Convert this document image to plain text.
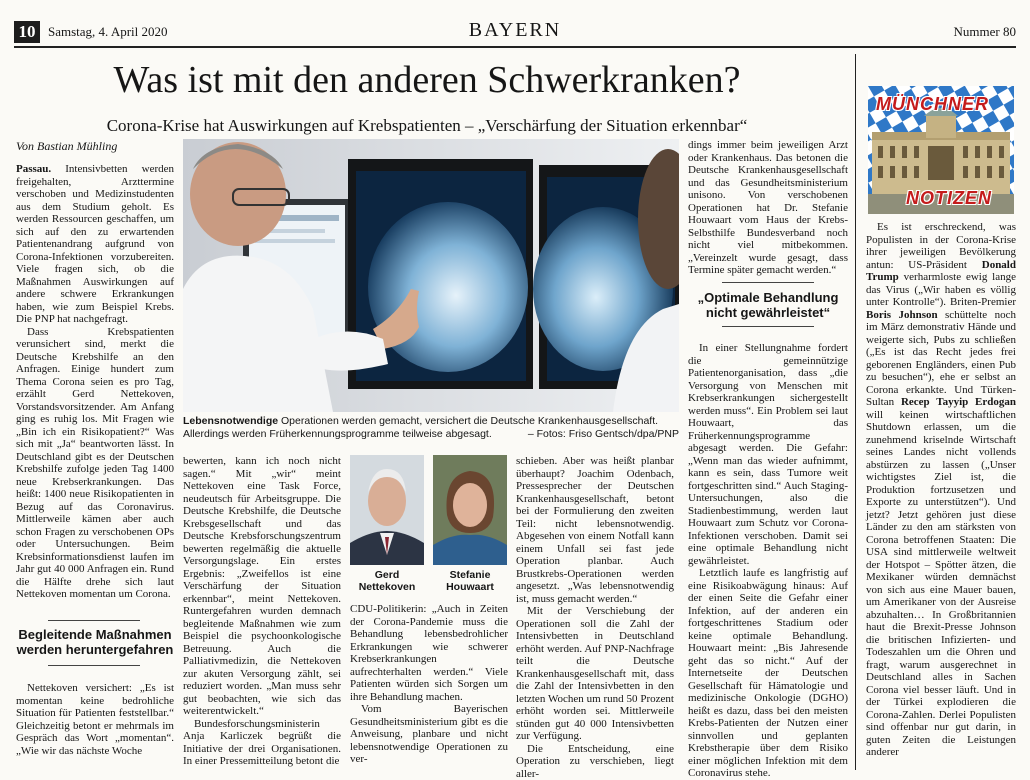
10 Samstag, 4. April 2020	BAYERN	Nummer 80
Was ist mit den anderen Schwerkranken?
Corona-Krise hat Auswirkungen auf Krebspatienten – „Verschärfung der Situation erkennbar“
Von Bastian Mühling

Passau. Intensivbetten werden freigehalten, Arzttermine verschoben und Medizinstudenten aus dem Studium geholt. Es werden Ressourcen geschaffen, um sich auf den zu erwartenden Patientenandrang aufgrund von Corona-Infektionen vorzubereiten. Viele fragen sich, ob die Maßnahmen Auswirkungen auf andere schwere Erkrankungen haben, wie zum Beispiel Krebs. Die PNP hat nachgefragt.

Dass Krebspatienten verunsichert sind, merkt die Deutsche Krebshilfe an den Anfragen. Einige hundert zum Thema Corona seien es pro Tag, erzählt Gerd Nettekoven, Vorstandsvorsitzender. Am Anfang ging es ruhig los. Mit Fragen wie „Bin ich ein Risikopatient?“ Was sich mit „Ja“ beantworten lässt. In Deutschland gibt es der Deutschen Krebshilfe zufolge jeden Tag 1400 neue Krebserkrankungen. Das heißt: 1400 neue Risikopatienten in Bezug auf das Coronavirus. Mittlerweile kämen aber auch schon Fragen zu verschobenen OPs oder Untersuchungen. Beim Krebsinformationsdienst laufen im Jahr gut 40 000 Anfragen ein. Rund die Hälfte drehe sich laut Nettekoven momentan um Corona.

Begleitende Maßnahmen werden heruntergefahren

Nettekoven versichert: „Es ist momentan keine bedrohliche Situation für Patienten feststellbar.“ Gleichzeitig betont er mehrmals im Gespräch das Wort „momentan“. „Wie wir das nächste Woche

Lebensnotwendige Operationen werden gemacht, versichert die Deutsche Krankenhausgesellschaft. Allerdings werden Früherkennungsprogramme teilweise abgesagt.	– Fotos: Friso Gentsch/dpa/PNP

bewerten, kann ich noch nicht sagen.“ Mit „wir“ meint Nettekoven eine Task Force, neudeutsch für Arbeitsgruppe. Die Deutsche Krebshilfe, die Deutsche Krebsgesellschaft und das Deutsche Krebsforschungszentrum bewerten regelmäßig die aktuelle Versorgungslage. Ein erstes Ergebnis: „Zweifellos ist eine Verschärfung der Situation erkennbar“, meint Nettekoven. Runtergefahren wurden demnach begleitende Maßnahmen wie zum Beispiel die psychoonkologische Betreuung. Auch die Palliativmedizin, die Nettekoven zur akuten Versorgung zählt, sei reduziert worden. „Man muss sehr gut beobachten, wie sich das weiterentwickelt.“

Bundesforschungsministerin Anja Karliczek begrüßt die Initiative der drei Organisationen. In einer Pressemitteilung betont die

Gerd Nettekoven
Stefanie Houwaart

CDU-Politikerin: „Auch in Zeiten der Corona-Pandemie muss die Behandlung lebensbedrohlicher Erkrankungen wie schwerer Krebserkrankungen aufrechterhalten werden.“ Viele Patienten würden sich Sorgen um ihre Behandlung machen.

Vom Bayerischen Gesundheitsministerium gibt es die Anweisung, planbare und nicht lebensnotwendige Operationen zu ver-

schieben. Aber was heißt planbar überhaupt? Joachim Odenbach, Pressesprecher der Deutschen Krankenhausgesellschaft, betont bei der Formulierung den zweiten Teil: nicht lebensnotwendig. Abgesehen von einem Notfall kann einem Unfall sei fast jede Operation planbar. Auch Brustkrebs-Operationen werden angesetzt. „Was lebensnotwendig ist, muss gemacht werden.“

Mit der Verschiebung der Operationen soll die Zahl der Intensivbetten in Deutschland erhöht werden. Auf PNP-Nachfrage teilt die Deutsche Krankenhausgesellschaft mit, dass die Zahl der Intensivbetten in den letzten Wochen um rund 50 Prozent erhöht worden sei. Mittlerweile stünden gut 40 000 Intensivbetten zur Verfügung.

Die Entscheidung, eine Operation zu verschieben, liegt aller-

dings immer beim jeweiligen Arzt oder Krankenhaus. Das betonen die Deutsche Krankenhausgesellschaft und das Gesundheitsministerium unisono. Von verschobenen Operationen hat Dr. Stefanie Houwaart vom Haus der Krebs-Selbsthilfe Bundesverband noch nicht viel mitbekommen. „Vereinzelt wurde gesagt, dass Termine später gemacht werden.“

„Optimale Behandlung nicht gewährleistet“

In einer Stellungnahme fordert die gemeinnützige Patientenorganisation, dass „die Versorgung von Menschen mit Krebserkrankungen sichergestellt werden muss“. Ein Problem sei laut Houwaart, das Früherkennungsprogramme abgesagt werden. Die Gefahr: „Wenn man das wieder aufnimmt, kann es sein, dass Tumore weit fortgeschritten sind.“ Auch Staging-Untersuchungen, also die Stadienbestimmung, werden laut Houwaart zum Schutz vor Corona-Infektionen verschoben. Damit sei eine optimale Behandlung nicht gewährleistet.

Letztlich laufe es langfristig auf eine Risikoabwägung hinaus: Auf der einen Seite die Gefahr einer Infektion, auf der anderen ein fortgeschrittenes Stadium oder keine optimale Behandlung. Houwaart meint: „Bis Jahresende geht das so nicht.“ Auf der Internetseite der Deutschen Gesellschaft für Hämatologie und medizinische Onkologie (DGHO) heißt es dazu, dass bei den meisten Krebs-Patienten der Nutzen einer sinnvollen und geplanten Krebstherapie über dem Risiko einer möglichen Infektion mit dem Coronavirus stehe.

MÜNCHNER
NOTIZEN

Es ist erschreckend, was Populisten in der Corona-Krise ihrer jeweiligen Bevölkerung antun: US-Präsident Donald Trump verharmloste ewig lange das Virus („Wir haben es völlig unter Kontrolle“). Briten-Premier Boris Johnson schüttelte noch im März demonstrativ Hände und weigerte sich, Pubs zu schließen („Es ist das Recht jedes frei geborenen Engländers, einen Pub zu besuchen“), ehe er selbst an Corona erkankte. Und Türken-Sultan Recep Tayyip Erdogan will keinen wirtschaftlichen Shutdown erlassen, um die zunehmend kriselnde Wirtschaft seines Landes nicht vollends abstürzen zu lassen („Unser wichtigstes Ziel ist, die Produktion fortzusetzen und Exporte zu unterstützen“). Und jetzt? Jetzt gehören just diese Länder zu den am stärksten von Corona betroffenen Staaten: Die USA sind mittlerweile weltweit der Hotspot – Spötter ätzen, die Mexikaner würden demnächst von sich aus eine Mauer bauen, um Amerikaner von der Ausreise abzuhalten… In Großbritannien haut die Brexit-Presse Johnson die britischen Infizierten- und Todeszahlen um die Ohren und fragt, warum ausgerechnet in Deutschland alles in Sachen Corona viel besser läuft. Und in der Türkei explodieren die Corona-Zahlen. Derlei Populisten sind offenbar nur gut darin, in guten Zeiten die Leistungen anderer
